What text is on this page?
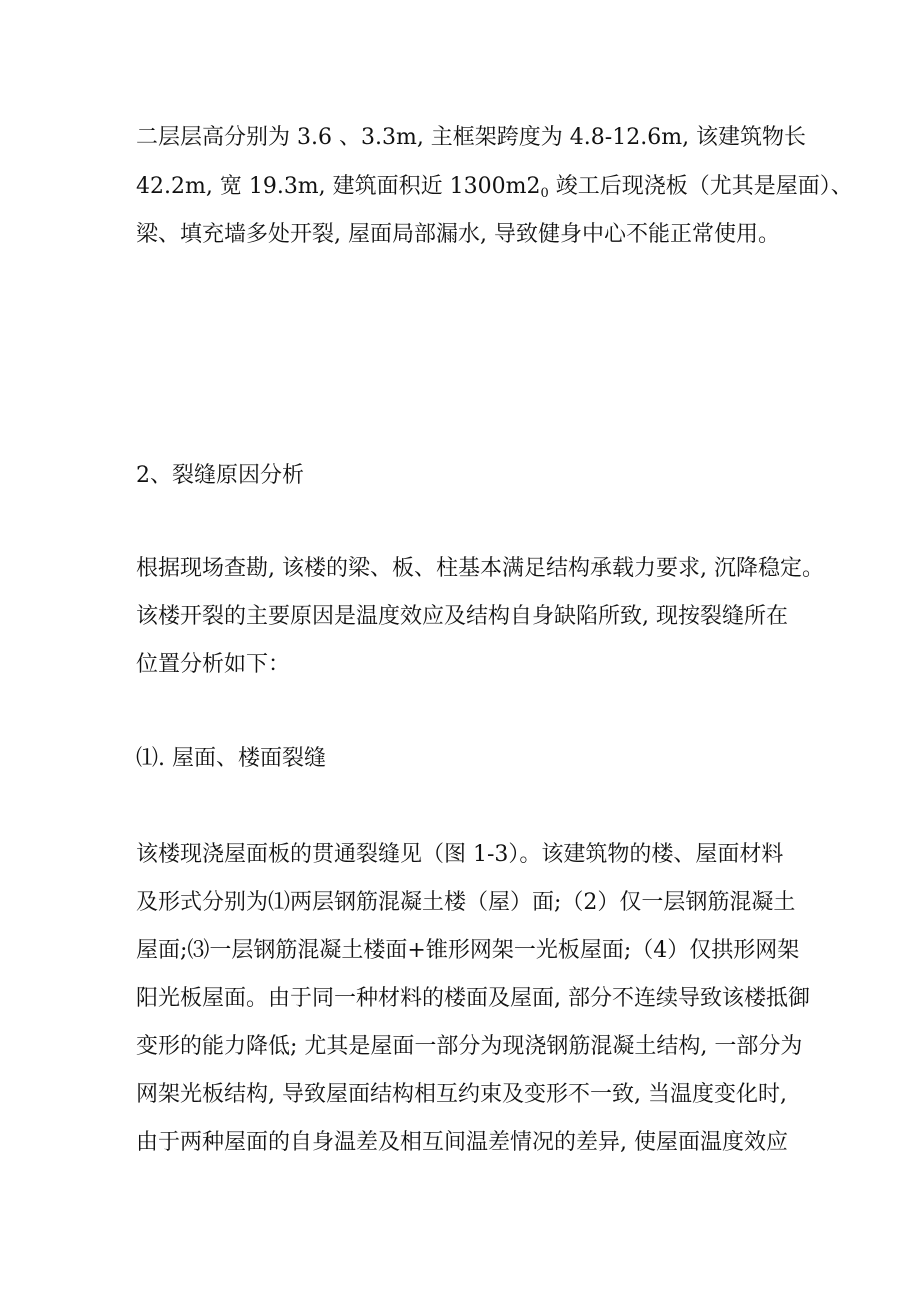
二层层高分别为 3.6 、3.3m, 主框架跨度为 4.8-12.6m, 该建筑物长
42.2m, 宽 19.3m, 建筑面积近 $1300m2_0$ 竣工后现浇板（尤其是屋面）、
梁、填充墙多处开裂, 屋面局部漏水, 导致健身中心不能正常使用。
2、裂缝原因分析
根据现场查勘, 该楼的梁、板、柱基本满足结构承载力要求, 沉降稳定。
该楼开裂的主要原因是温度效应及结构自身缺陷所致, 现按裂缝所在
位置分析如下：
⑴. 屋面、楼面裂缝
该楼现浇屋面板的贯通裂缝见（图 1-3）。该建筑物的楼、屋面材料
及形式分别为⑴两层钢筋混凝土楼（屋）面;（2）仅一层钢筋混凝土
屋面;⑶一层钢筋混凝土楼面+锥形网架一光板屋面;（4）仅拱形网架
阳光板屋面。由于同一种材料的楼面及屋面, 部分不连续导致该楼抵御
变形的能力降低; 尤其是屋面一部分为现浇钢筋混凝土结构, 一部分为
网架光板结构, 导致屋面结构相互约束及变形不一致, 当温度变化时,
由于两种屋面的自身温差及相互间温差情况的差异, 使屋面温度效应
